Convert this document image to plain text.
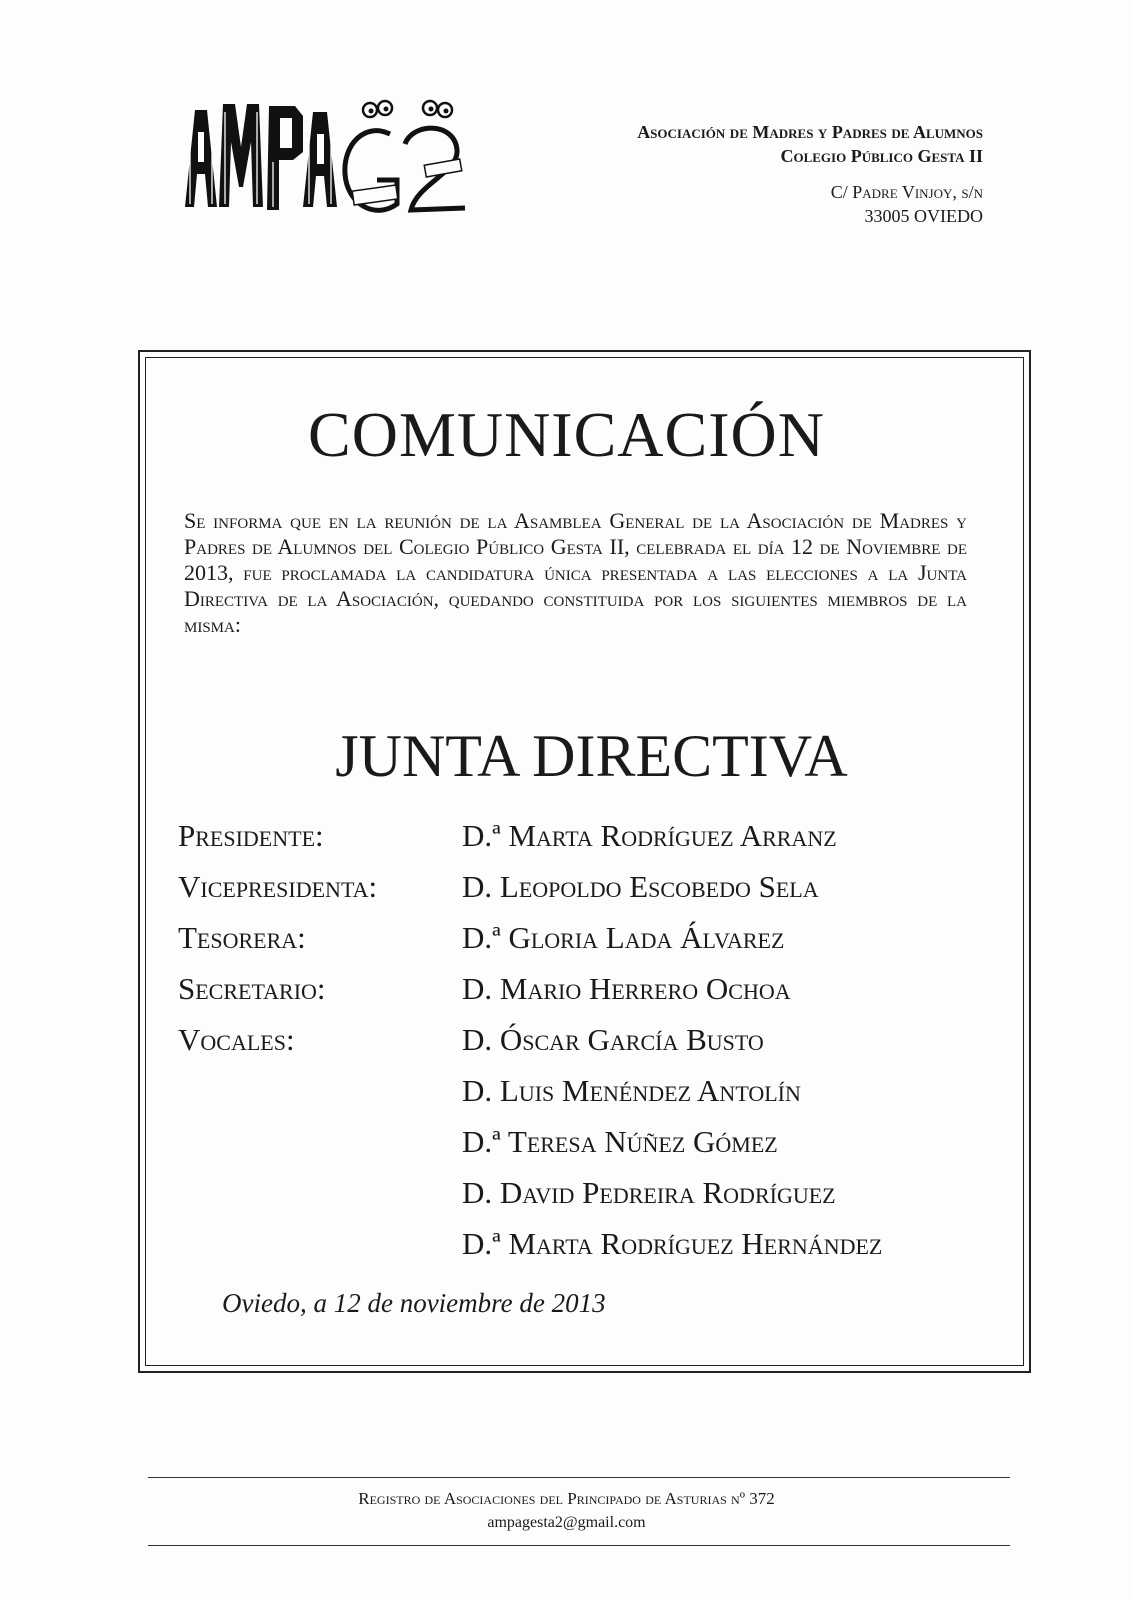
Asociación de Madres y Padres de Alumnos
Colegio Público Gesta II
C/ Padre Vinjoy, s/n
33005 OVIEDO
COMUNICACIÓN
Se informa que en la reunión de la Asamblea General de la Asociación de Madres y Padres de Alumnos del Colegio Público Gesta II, celebrada el día 12 de Noviembre de 2013, fue proclamada la candidatura única presentada a las elecciones a la Junta Directiva de la Asociación, quedando constituida por los siguientes miembros de la misma:
JUNTA DIRECTIVA
Presidente:	D.ª Marta Rodríguez Arranz
Vicepresidenta:	D. Leopoldo Escobedo Sela
Tesorera:	D.ª Gloria Lada Álvarez
Secretario:	D. Mario Herrero Ochoa
Vocales:	D. Óscar García Busto
D. Luis Menéndez Antolín
D.ª Teresa Núñez Gómez
D. David Pedreira Rodríguez
D.ª Marta Rodríguez Hernández
Oviedo, a 12 de noviembre de 2013
Registro de Asociaciones del Principado de Asturias nº 372
ampagesta2@gmail.com
